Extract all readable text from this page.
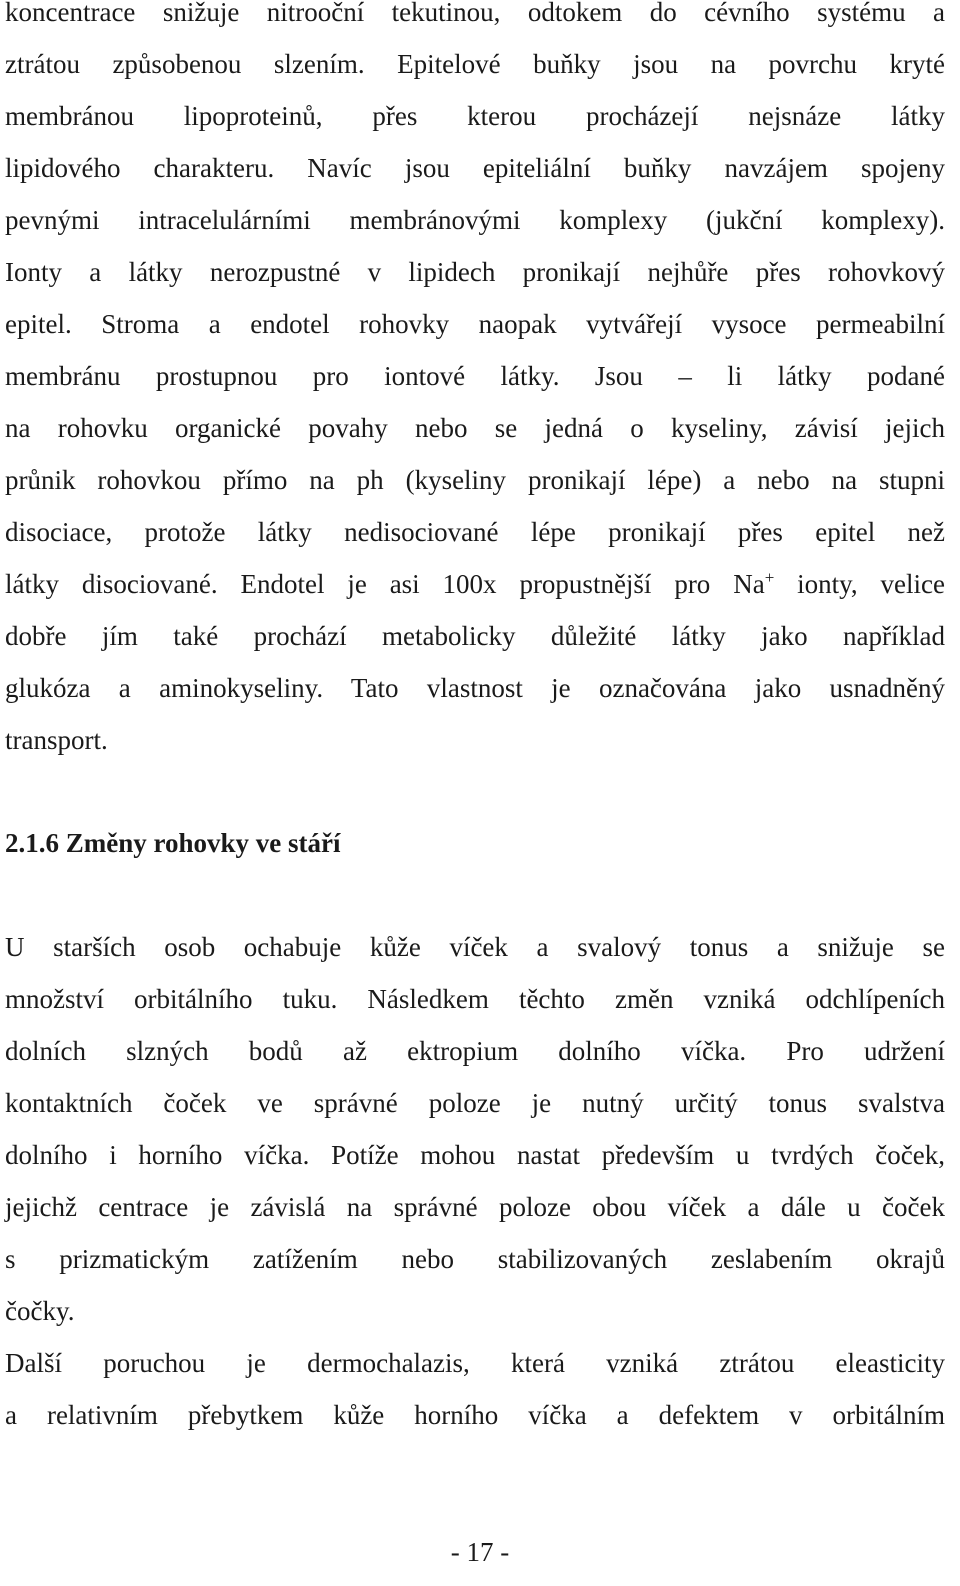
koncentrace snižuje nitrooční tekutinou, odtokem do cévního systému a
ztrátou způsobenou slzením. Epitelové buňky jsou na povrchu kryté
membránou lipoproteinů, přes kterou procházejí nejsnáze látky
lipidového charakteru. Navíc jsou epiteliální buňky navzájem spojeny
pevnými intracelulárními membránovými komplexy (jukční komplexy).
Ionty a látky nerozpustné v lipidech pronikají nejhůře přes rohovkový
epitel. Stroma a endotel rohovky naopak vytvářejí vysoce permeabilní
membránu prostupnou pro iontové látky. Jsou – li látky podané
na rohovku organické povahy nebo se jedná o kyseliny, závisí jejich
průnik rohovkou přímo na ph (kyseliny pronikají lépe) a nebo na stupni
disociace, protože látky nedisociované lépe pronikají přes epitel než
látky disociované. Endotel je asi 100x propustnější pro Na+ ionty, velice
dobře jím také prochází metabolicky důležité látky jako například
glukóza a aminokyseliny. Tato vlastnost je označována jako usnadněný
transport.
2.1.6 Změny rohovky ve stáří
U starších osob ochabuje kůže víček a svalový tonus a snižuje se
množství orbitálního tuku. Následkem těchto změn vzniká odchlípeních
dolních slzných bodů až ektropium dolního víčka. Pro udržení
kontaktních čoček ve správné poloze je nutný určitý tonus svalstva
dolního i horního víčka. Potíže mohou nastat především u tvrdých čoček,
jejichž centrace je závislá na správné poloze obou víček a dále u čoček
s prizmatickým zatížením nebo stabilizovaných zeslabením okrajů
čočky.
Další poruchou je dermochalazis, která vzniká ztrátou eleasticity
a relativním přebytkem kůže horního víčka a defektem v orbitálním
- 17 -
